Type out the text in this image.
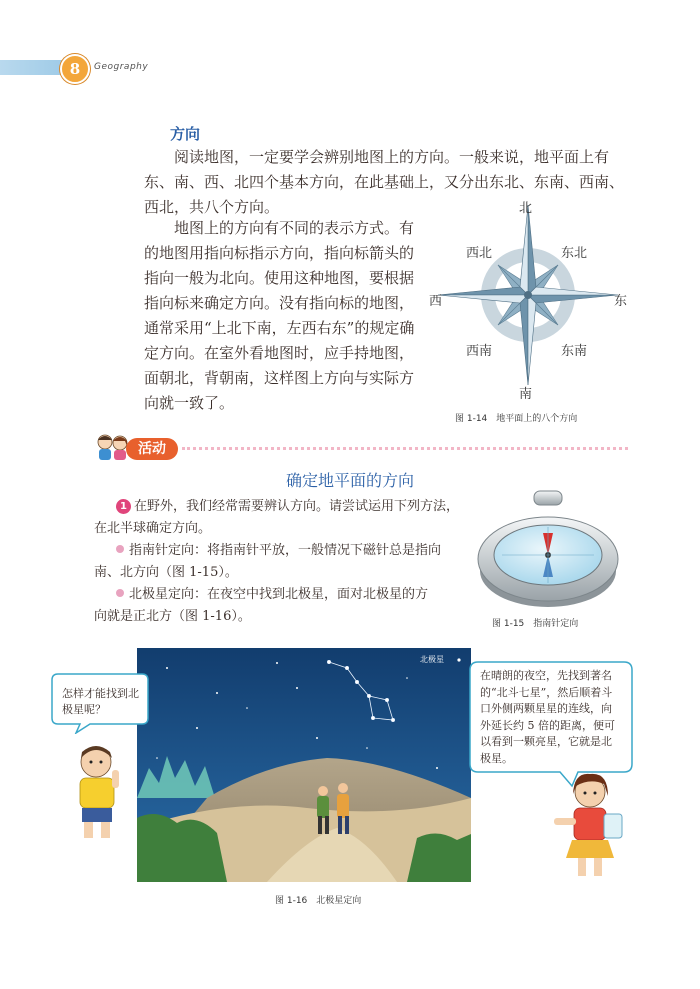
8	Geography
方向
阅读地图，一定要学会辨别地图上的方向。一般来说，地平面上有东、南、西、北四个基本方向，在此基础上，又分出东北、东南、西南、西北，共八个方向。
地图上的方向有不同的表示方式。有的地图用指向标指示方向，指向标箭头的指向一般为北向。使用这种地图，要根据指向标来确定方向。没有指向标的地图，通常采用“上北下南，左西右东”的规定确定方向。在室外看地图时，应手持地图，面朝北，背朝南，这样图上方向与实际方向就一致了。
北
南
西	东
西北	东北
西南	东南
图 1-14　地平面上的八个方向
活动
确定地平面的方向
1 在野外，我们经常需要辨认方向。请尝试运用下列方法，
在北半球确定方向。
指南针定向：将指南针平放，一般情况下磁针总是指向
南、北方向（图 1-15）。
北极星定向：在夜空中找到北极星，面对北极星的方
向就是正北方（图 1-16）。	图 1-15　指南针定向
北极星
图 1-16　北极星定向
怎样才能找到北极星呢？
在晴朗的夜空，先找到著名的“北斗七星”，然后顺着斗口外侧两颗星星的连线，向外延长约 5 倍的距离，便可以看到一颗亮星，它就是北极星。
